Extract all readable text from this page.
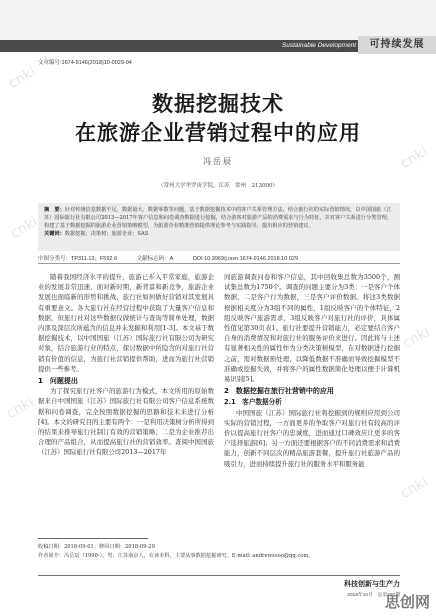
Sustainable Development	可持续发展
文章编号:1674-9146(2018)10-0029-04
数据挖掘技术
在旅游企业营销过程中的应用
冯岳辰
（常州大学华罗庚学院，江苏　常州　213000）

摘　要：针对传统信息数据不足，数据量大、数据零散等问题，基于数据挖掘技术中的客户关系管理方法，结合旅行社的实际营销情况，以中国国旅（江苏）国际旅行社有限公司2013—2017年客户信息和问卷调查数据进行挖掘，结合游客对旅游产品的消费需求与行为特征，并对客户关系进行分类管理，构建了基于数据挖掘的旅游企业营销策略模型，为旅游企业精准营销提供理论参考与实践指导，提出相应的营销建议。

关键词：数据挖掘；决策树；旅游企业；SAS

中图分类号：TP311.13；F592.6	文献标志码：A	DOI:10.3969/j.issn.1674-9146.2018.10.029

随着我国经济水平的提升，旅游已步入平常家庭，旅游企业的发展非常迅速，面对新时期，新背景和新竞争，旅游企业发展也面临新的形势和挑战，旅行社如何做好营销对其发展具有重要意义。各大旅行社在经营过程中获取了大量客户信息和数据，但旅行社对这些数据仅做统计与查询等简单处理，数据内部及深层次所蕴含的信息并未发掘和利用[1-3]。本文基于数据挖掘技术，以中国国旅（江苏）国际旅行社有限公司为研究对象，结合旅游行业的特点，探讨数据中所隐含的对旅行社营销有价值的信息，为旅行社营销提供帮助，进而为旅行社营销提供一些参考。

1　问题提出

为了探究旅行社客户的旅游行为模式，本文所用的原始数据来自中国国旅（江苏）国际旅行社有限公司客户信息系统数据和问卷调查，完全按照数据挖掘的思路和技术来进行分析[4]。本文的研究目的主要有两个：一是利用决策树分析所得到的结果来推导旅行社制订有效的营销策略；二是为企业推荐出合理的产品组合，从而提高旅行社的营销效率。查阅中国国旅（江苏）国际旅行社有限公司2013—2017年

间旅游调查问卷和客户信息，其中回收集总数为3500个，测试集总数为1750个。调查的问题主要分为3类：一是客户个体数据，二是客户行为数据，三是客户评价数据。将这3类数据根据相关度分为3组不同的属性，1组反映客户的个体特征，2组反映客户旅游需求，3组反映客户对旅行社的评价，具体属性值见第30页表1。旅行社要提升营销能力，必定要结合客户自身的消费情况和对旅行社的服务评价来进行。因此将与上述有显著相关性的属性作为分类决策树模型，在对数据进行挖掘之前，需对数据预处理，以降低数据不准确而导致挖掘模型不准确或挖掘失效，并将客户的属性数据简化处理以便于计算机易识别[5]。

2　数据挖掘在旅行社营销中的应用

2.1　客户数据分析

中国国旅（江苏）国际旅行社将挖掘到的规则应用到公司实际的营销过程，一方面更多的争取客户对旅行社有较高的评价以提高旅行社客户的忠诚度，进而通过口碑效应让更多的客户选择旅游[6]；另一方面还要根据客户的不同消费需求和消费能力，创新不同层次的精品旅游套餐，提升旅行社旅游产品的吸引力，进而持续提升旅行社的服务水平和服务能

收稿日期：2018-09-01；修回日期：2018-09-29
作者简介：冯岳辰（1998-），男，江苏南京人，在读本科，主要从事数据挖掘研究。E-mail: andrewxsoo@qq.com。
科技创新与生产力
2018年10月　总第297期
cnki
cnki
cnki
cnki
cnki
cnki
思创网
